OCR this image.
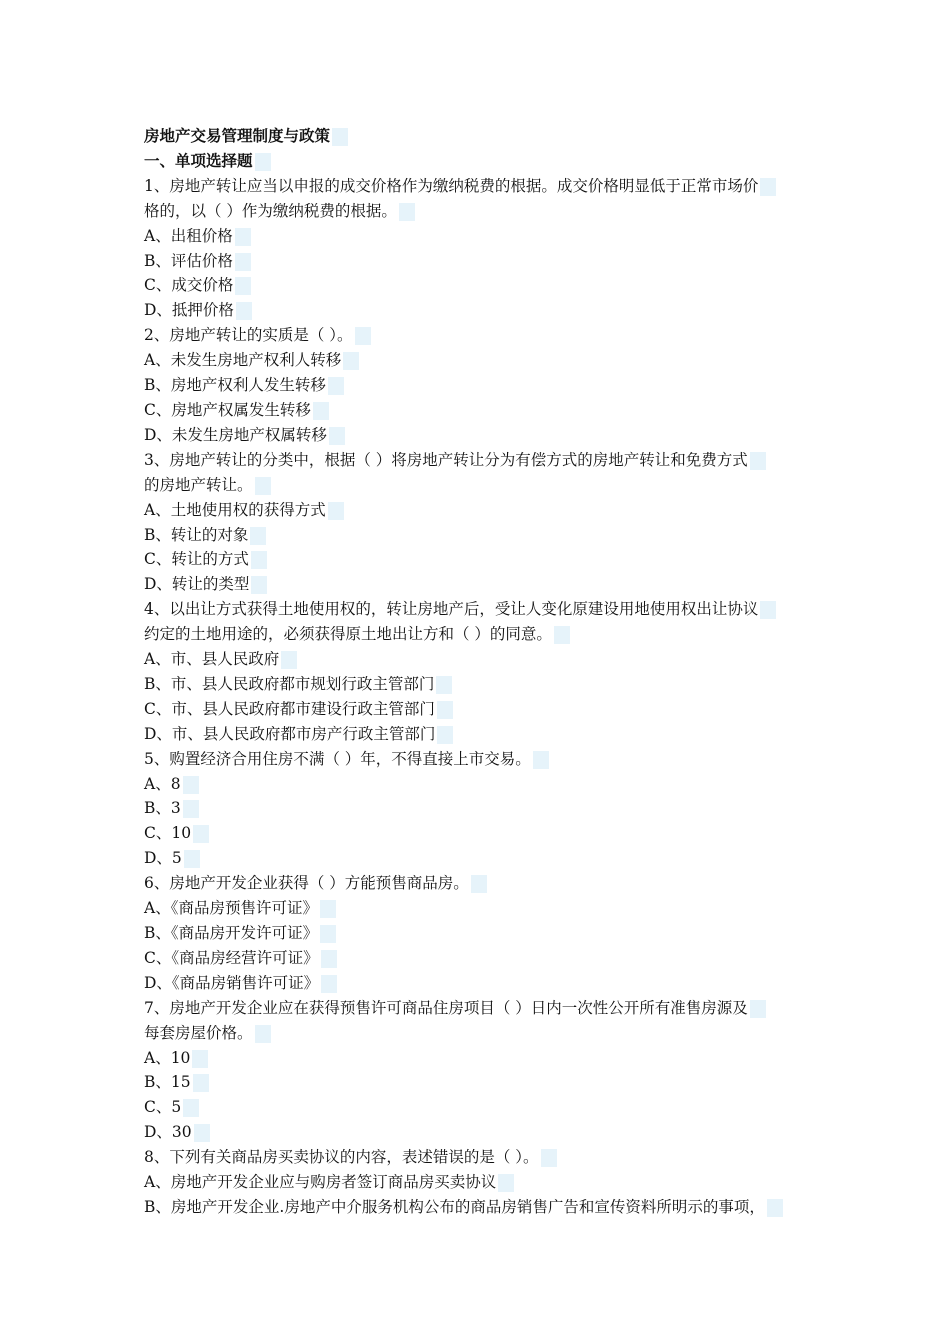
房地产交易管理制度与政策
一、单项选择题
1、房地产转让应当以申报的成交价格作为缴纳税费的根据。成交价格明显低于正常市场价
格的，以（ ）作为缴纳税费的根据。
A、出租价格
B、评估价格
C、成交价格
D、抵押价格
2、房地产转让的实质是（ ）。
A、未发生房地产权利人转移
B、房地产权利人发生转移
C、房地产权属发生转移
D、未发生房地产权属转移
3、房地产转让的分类中，根据（ ）将房地产转让分为有偿方式的房地产转让和免费方式
的房地产转让。
A、土地使用权的获得方式
B、转让的对象
C、转让的方式
D、转让的类型
4、以出让方式获得土地使用权的，转让房地产后，受让人变化原建设用地使用权出让协议
约定的土地用途的，必须获得原土地出让方和（ ）的同意。
A、市、县人民政府
B、市、县人民政府都市规划行政主管部门
C、市、县人民政府都市建设行政主管部门
D、市、县人民政府都市房产行政主管部门
5、购置经济合用住房不满（ ）年，不得直接上市交易。
A、8
B、3
C、10
D、5
6、房地产开发企业获得（ ）方能预售商品房。
A、《商品房预售许可证》
B、《商品房开发许可证》
C、《商品房经营许可证》
D、《商品房销售许可证》
7、房地产开发企业应在获得预售许可商品住房项目（ ）日内一次性公开所有准售房源及
每套房屋价格。
A、10
B、15
C、5
D、30
8、下列有关商品房买卖协议的内容，表述错误的是（ ）。
A、房地产开发企业应与购房者签订商品房买卖协议
B、房地产开发企业.房地产中介服务机构公布的商品房销售广告和宣传资料所明示的事项，
